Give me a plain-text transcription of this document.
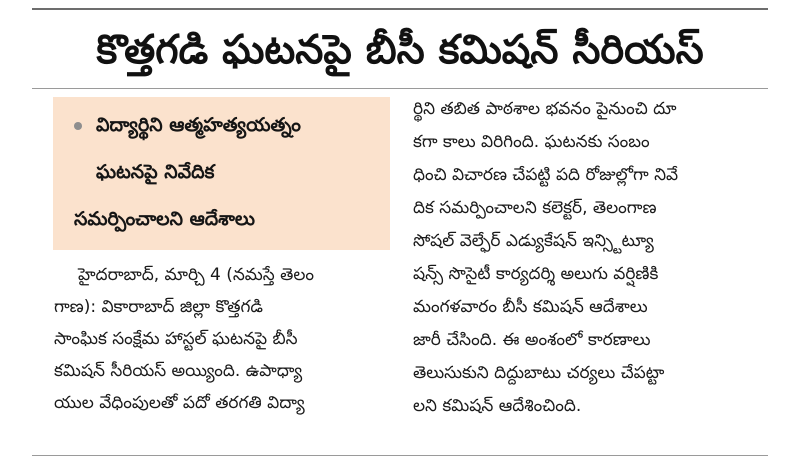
కొత్తగడి ఘటనపై బీసీ కమిషన్ సీరియస్
విద్యార్థిని ఆత్మహత్యయత్నం
ఘటనపై నివేదిక
సమర్పించాలని ఆదేశాలు
హైదరాబాద్, మార్చి 4 (నమస్తే తెలం
గాణ): వికారాబాద్ జిల్లా కొత్తగడి
సాంఘిక సంక్షేమ హాస్టల్ ఘటనపై బీసీ
కమిషన్ సీరియస్ అయ్యింది. ఉపాధ్యా
యుల వేధింపులతో పదో తరగతి విద్యా
ర్థిని తబిత పాఠశాల భవనం పైనుంచి దూ
కగా కాలు విరిగింది. ఘటనకు సంబం
ధించి విచారణ చేపట్టి పది రోజుల్లోగా నివే
దిక సమర్పించాలని కలెక్టర్, తెలంగాణ
సోషల్ వెల్ఫేర్ ఎడ్యుకేషన్ ఇన్స్టిట్యూ
షన్స్ సొసైటీ కార్యదర్శి అలుగు వర్షిణికి
మంగళవారం బీసీ కమిషన్ ఆదేశాలు
జారీ చేసింది. ఈ అంశంలో కారణాలు
తెలుసుకుని దిద్దుబాటు చర్యలు చేపట్టా
లని కమిషన్ ఆదేశించింది.
